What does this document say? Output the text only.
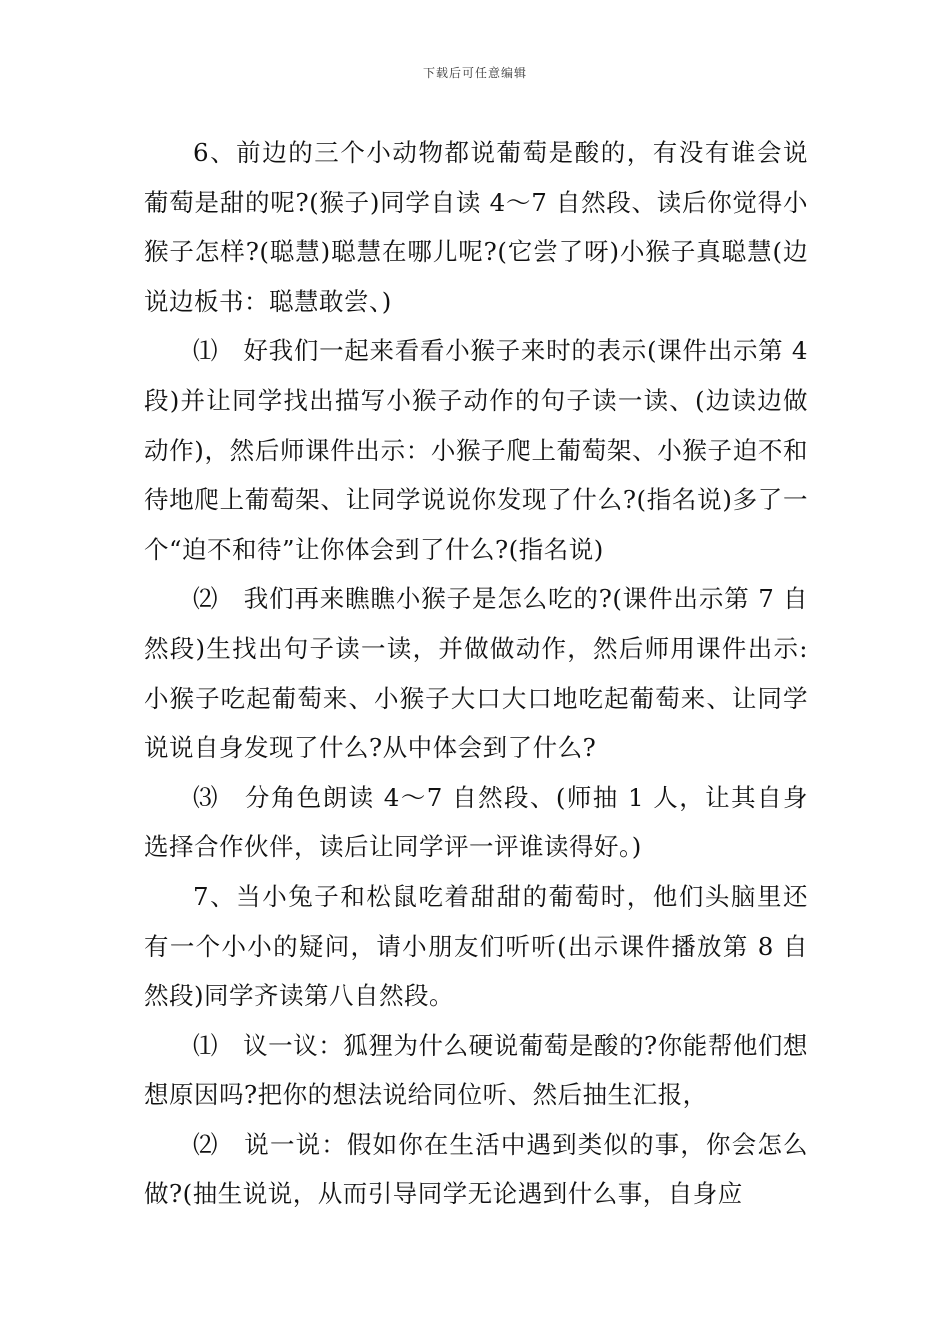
下载后可任意编辑

6、前边的三个小动物都说葡萄是酸的，有没有谁会说葡萄是甜的呢?(猴子)同学自读 4～7 自然段、读后你觉得小猴子怎样?(聪慧)聪慧在哪儿呢?(它尝了呀)小猴子真聪慧(边说边板书：聪慧敢尝、)

⑴　好我们一起来看看小猴子来时的表示(课件出示第 4 段)并让同学找出描写小猴子动作的句子读一读、(边读边做动作)，然后师课件出示：小猴子爬上葡萄架、小猴子迫不和待地爬上葡萄架、让同学说说你发现了什么?(指名说)多了一个“迫不和待”让你体会到了什么?(指名说)

⑵　我们再来瞧瞧小猴子是怎么吃的?(课件出示第 7 自然段)生找出句子读一读，并做做动作，然后师用课件出示:小猴子吃起葡萄来、小猴子大口大口地吃起葡萄来、让同学说说自身发现了什么?从中体会到了什么?

⑶　分角色朗读 4～7 自然段、(师抽 1 人，让其自身选择合作伙伴，读后让同学评一评谁读得好。)

7、当小兔子和松鼠吃着甜甜的葡萄时，他们头脑里还有一个小小的疑问，请小朋友们听听(出示课件播放第 8 自然段)同学齐读第八自然段。

⑴　议一议：狐狸为什么硬说葡萄是酸的?你能帮他们想想原因吗?把你的想法说给同位听、然后抽生汇报，

⑵　说一说：假如你在生活中遇到类似的事，你会怎么做?(抽生说说，从而引导同学无论遇到什么事，自身应
